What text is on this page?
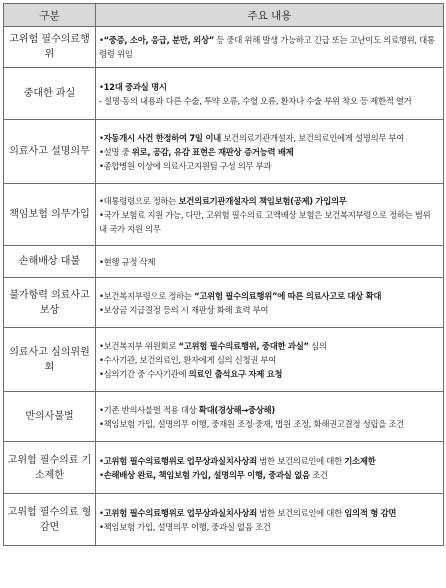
구분	주요 내용
고위험 필수의료행위	•“중증, 소아, 응급, 분만, 외상” 등 중대 위해 발생 가능하고 긴급 또는 고난이도 의료행위, 대통령령 위임

중대한 과실	•12대 중과실 명시
- 설명·동의 내용과 다른 수술, 투약 오류, 수혈 오류, 환자나 수술 부위 착오 등 제한적 열거

의료사고 설명의무	•자동개시 사건 한정하여 7일 이내 보건의료기관개설자, 보건의료인에게 설명의무 부여
•설명 중 위로, 공감, 유감 표현은 재판상 증거능력 배제
•종합병원 이상에 의료사고지원팀 구성 의무 부과

책임보험 의무가입	•대통령령으로 정하는 보건의료기관개설자의 책임보험(공제) 가입의무
•국가 보험료 지원 가능, 다만, 고위험 필수의료 고액배상 보험은 보건복지부령으로 정하는 범위 내 국가 지원 의무

손해배상 대불	•현행 규정 삭제

불가항력 의료사고 보상	•보건복지부령으로 정하는 “고위험 필수의료행위”에 따른 의료사고로 대상 확대
•보상금 지급결정 등의 시 재판상 화해 효력 부여

의료사고 심의위원회	•보건복지부 위원회로 “고위험 필수의료행위, 중대한 과실” 심의
•수사기관, 보건의료인, 환자에게 심의 신청권 부여
•심의기간 중 수사기관에 의료인 출석요구 자제 요청

반의사불벌	•기존 반의사불벌 적용 대상 확대(경상해→중상해)
•책임보험 가입, 설명의무 이행, 중재원 조정·중재, 법원 조정, 화해권고결정 성립을 조건

고위험 필수의료 기소제한	•고위험 필수의료행위로 업무상과실치사상죄 범한 보건의료인에 대한 기소제한
•손해배상 완료, 책임보험 가입, 설명의무 이행, 중과실 없음 조건

고위험 필수의료 형 감면	•고위험 필수의료행위로 업무상과실치사상죄 범한 보건의료인에 대한 임의적 형 감면
•책임보험 가입, 설명의무 이행, 중과실 없음 조건
